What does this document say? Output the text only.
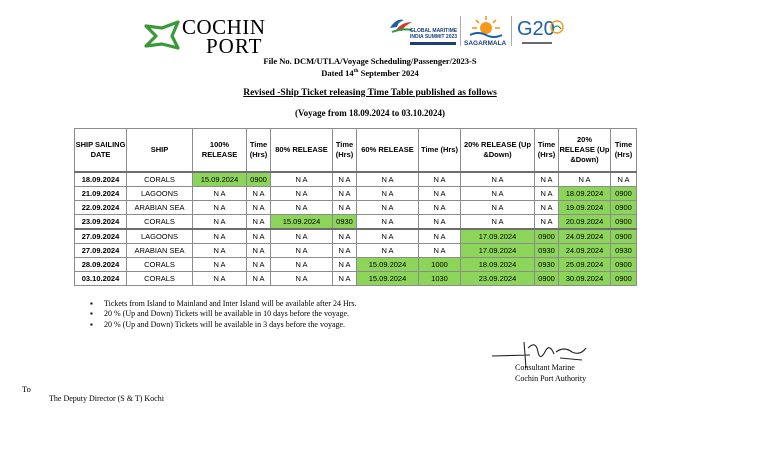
COCHIN
PORT
GLOBAL MARITIME
INDIA SUMMIT 2023
SAGARMALA
G20
File No. DCM/UTLA/Voyage Scheduling/Passenger/2023-S
Dated 14th September 2024
Revised -Ship Ticket releasing Time Table published as follows
(Voyage from 18.09.2024 to 03.10.2024)
SHIP SAILING DATE	SHIP	100% RELEASE	Time (Hrs)	80% RELEASE	Time (Hrs)	60% RELEASE	Time (Hrs)	20% RELEASE (Up &Down)	Time (Hrs)	20% RELEASE (Up &Down)	Time (Hrs)
18.09.2024	CORALS	15.09.2024	0900	N A	N A	N A	N A	N A	N A	N A	N A
21.09.2024	LAGOONS	N A	N A	N A	N A	N A	N A	N A	N A	18.09.2024	0900
22.09.2024	ARABIAN SEA	N A	N A	N A	N A	N A	N A	N A	N A	19.09.2024	0900
23.09.2024	CORALS	N A	N A	15.09.2024	0930	N A	N A	N A	N A	20.09.2024	0900
27.09.2024	LAGOONS	N A	N A	N A	N A	N A	N A	17.09.2024	0900	24.09.2024	0900
27.09.2024	ARABIAN SEA	N A	N A	N A	N A	N A	N A	17.09.2024	0930	24.09.2024	0930
28.09.2024	CORALS	N A	N A	N A	N A	15.09.2024	1000	18.09.2024	0930	25.09.2024	0900
03.10.2024	CORALS	N A	N A	N A	N A	15.09.2024	1030	23.09.2024	0900	30.09.2024	0900
▪ Tickets from Island to Mainland and Inter Island will be available after 24 Hrs.
▪ 20 % (Up and Down) Tickets will be available in 10 days before the voyage.
▪ 20 % (Up and Down) Tickets will be available in 3 days before the voyage.
Consultant Marine
Cochin Port Authority
To
The Deputy Director (S & T) Kochi
